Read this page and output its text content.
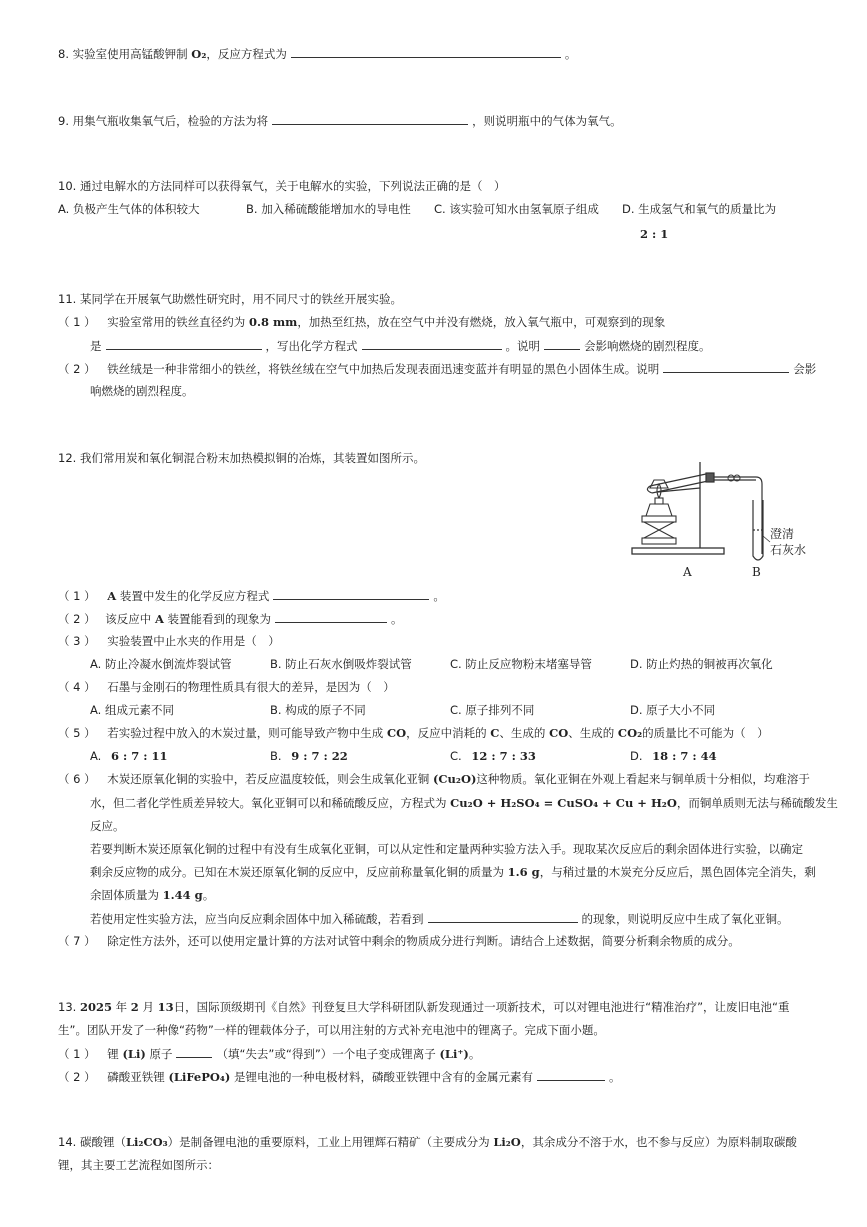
8. 实验室使用高锰酸钾制 O₂，反应方程式为	。
9. 用集气瓶收集氧气后，检验的方法为将	，则说明瓶中的气体为氧气。
10. 通过电解水的方法同样可以获得氧气，关于电解水的实验，下列说法正确的是（　）
A. 负极产生气体的体积较大	B. 加入稀硫酸能增加水的导电性 C. 该实验可知水由氢氧原子组成 D. 生成氢气和氧气的质量比为
2 : 1
11. 某同学在开展氧气助燃性研究时，用不同尺寸的铁丝开展实验。
（ 1 ） 实验室常用的铁丝直径约为 0.8 mm，加热至红热，放在空气中并没有燃烧，放入氧气瓶中，可观察到的现象
是	，写出化学方程式	。说明	会影响燃烧的剧烈程度。
（ 2 ） 铁丝绒是一种非常细小的铁丝，将铁丝绒在空气中加热后发现表面迅速变蓝并有明显的黑色小固体生成。说明	会影
响燃烧的剧烈程度。
12. 我们常用炭和氧化铜混合粉末加热模拟铜的冶炼，其装置如图所示。
澄清
石灰水
A	B
（ 1 ） A 装置中发生的化学反应方程式	。
（ 2 ） 该反应中 A 装置能看到的现象为	。
（ 3 ） 实验装置中止水夹的作用是（　）
A. 防止冷凝水倒流炸裂试管	B. 防止石灰水倒吸炸裂试管	C. 防止反应物粉末堵塞导管	D. 防止灼热的铜被再次氧化
（ 4 ） 石墨与金刚石的物理性质具有很大的差异，是因为（　）
A. 组成元素不同	B. 构成的原子不同	C. 原子排列不同	D. 原子大小不同
（ 5 ） 若实验过程中放入的木炭过量，则可能导致产物中生成 CO，反应中消耗的 C、生成的 CO、生成的 CO₂的质量比不可能为（　）
A. 6 : 7 : 11	B. 9 : 7 : 22	C. 12 : 7 : 33	D. 18 : 7 : 44
（ 6 ） 木炭还原氧化铜的实验中，若反应温度较低，则会生成氧化亚铜 (Cu₂O)这种物质。氧化亚铜在外观上看起来与铜单质十分相似，均难溶于
水，但二者化学性质差异较大。氧化亚铜可以和稀硫酸反应，方程式为 Cu₂O + H₂SO₄ = CuSO₄ + Cu + H₂O，而铜单质则无法与稀硫酸发生
反应。
若要判断木炭还原氧化铜的过程中有没有生成氧化亚铜，可以从定性和定量两种实验方法入手。现取某次反应后的剩余固体进行实验，以确定
剩余反应物的成分。已知在木炭还原氧化铜的反应中，反应前称量氧化铜的质量为 1.6 g，与稍过量的木炭充分反应后，黑色固体完全消失，剩
余固体质量为 1.44 g。
若使用定性实验方法，应当向反应剩余固体中加入稀硫酸，若看到	的现象，则说明反应中生成了氧化亚铜。
（ 7 ） 除定性方法外，还可以使用定量计算的方法对试管中剩余的物质成分进行判断。请结合上述数据，简要分析剩余物质的成分。
13. 2025 年 2 月 13日，国际顶级期刊《自然》刊登复旦大学科研团队新发现通过一项新技术，可以对锂电池进行“精准治疗”，让废旧电池“重
生”。团队开发了一种像“药物”一样的锂载体分子，可以用注射的方式补充电池中的锂离子。完成下面小题。
（ 1 ） 锂 (Li) 原子	（填“失去”或“得到”）一个电子变成锂离子 (Li⁺)。
（ 2 ） 磷酸亚铁锂 (LiFePO₄) 是锂电池的一种电极材料，磷酸亚铁锂中含有的金属元素有	。
14. 碳酸锂（Li₂CO₃）是制备锂电池的重要原料，工业上用锂辉石精矿（主要成分为 Li₂O，其余成分不溶于水，也不参与反应）为原料制取碳酸
锂，其主要工艺流程如图所示：
